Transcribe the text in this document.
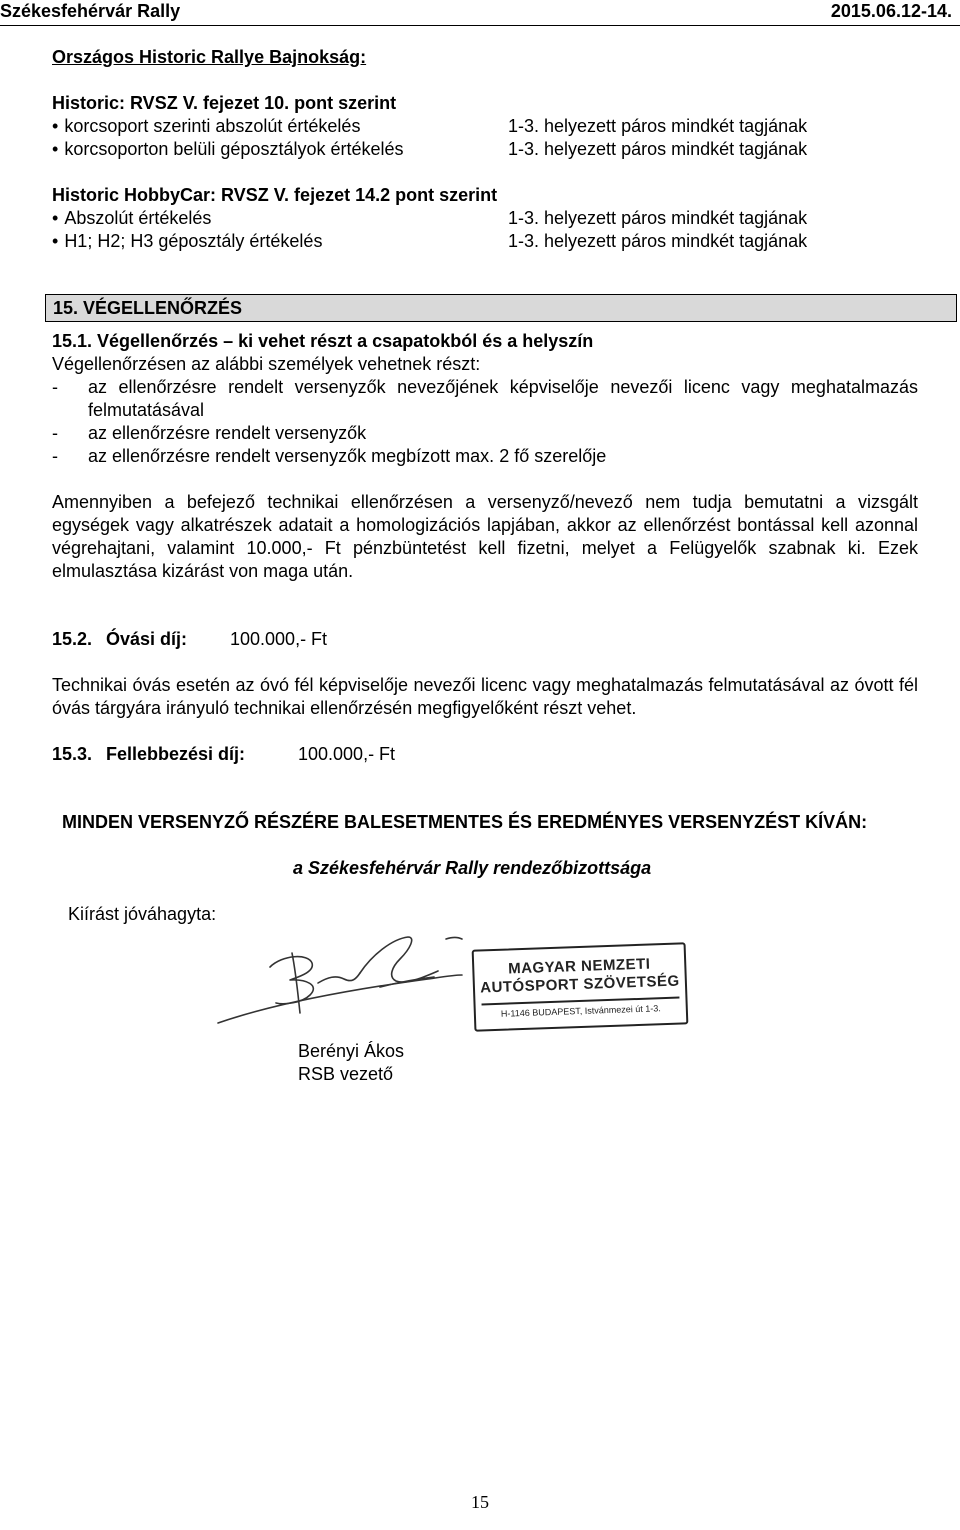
Székesfehérvár Rally	2015.06.12-14.
Országos Historic Rallye Bajnokság:
Historic: RVSZ V. fejezet 10. pont szerint
• korcsoport szerinti abszolút értékelés	1-3. helyezett páros mindkét tagjának
• korcsoporton belüli géposztályok értékelés	1-3. helyezett páros mindkét tagjának
Historic HobbyCar: RVSZ V. fejezet 14.2 pont szerint
• Abszolút értékelés	1-3. helyezett páros mindkét tagjának
• H1; H2; H3 géposztály értékelés	1-3. helyezett páros mindkét tagjának
15. VÉGELLENŐRZÉS
15.1. Végellenőrzés – ki vehet részt a csapatokból és a helyszín
Végellenőrzésen az alábbi személyek vehetnek részt:
- az ellenőrzésre rendelt versenyzők nevezőjének képviselője nevezői licenc vagy meghatalmazás felmutatásával
- az ellenőrzésre rendelt versenyzők
- az ellenőrzésre rendelt versenyzők megbízott max. 2 fő szerelője
Amennyiben a befejező technikai ellenőrzésen a versenyző/nevező nem tudja bemutatni a vizsgált egységek vagy alkatrészek adatait a homologizációs lapjában, akkor az ellenőrzést bontással kell azonnal végrehajtani, valamint 10.000,- Ft pénzbüntetést kell fizetni, melyet a Felügyelők szabnak ki. Ezek elmulasztása kizárást von maga után.
15.2. Óvási díj: 100.000,- Ft
Technikai óvás esetén az óvó fél képviselője nevezői licenc vagy meghatalmazás felmutatásával az óvott fél óvás tárgyára irányuló technikai ellenőrzésén megfigyelőként részt vehet.
15.3. Fellebbezési díj:	100.000,- Ft
MINDEN VERSENYZŐ RÉSZÉRE BALESETMENTES ÉS EREDMÉNYES VERSENYZÉST KÍVÁN:
a Székesfehérvár Rally rendezőbizottsága
Kiírást jóváhagyta:
MAGYAR NEMZETI
AUTÓSPORT SZÖVETSÉG
H-1146 BUDAPEST, Istvánmezei út 1-3.
Berényi Ákos
RSB vezető
15
